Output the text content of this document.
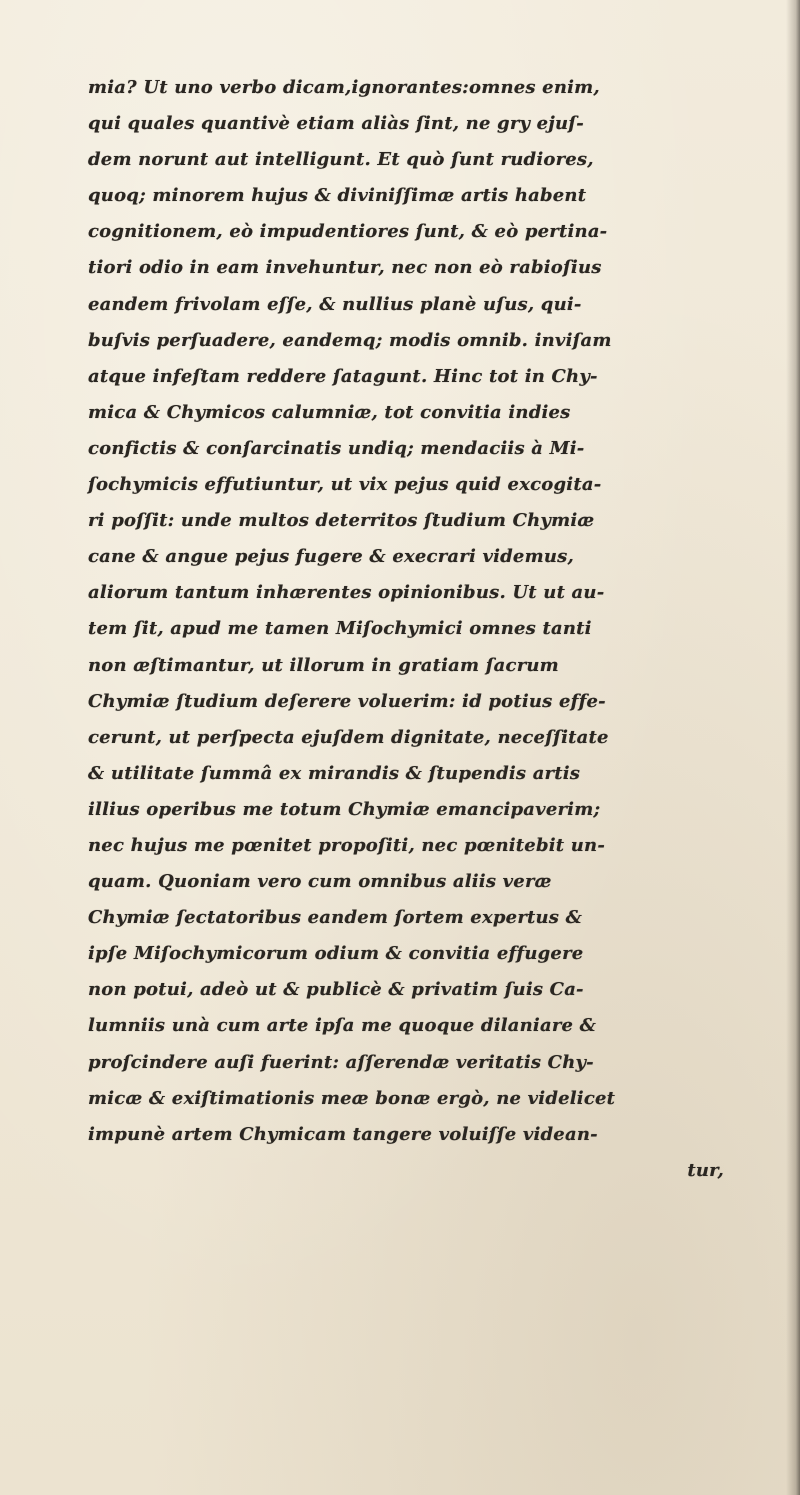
mia? Ut uno verbo dicam,ignorantes:omnes enim,
qui quales quantivè etiam aliàs ſint, ne gry ejuſ-
dem norunt aut intelligunt. Et quò ſunt rudiores,
quoq; minorem hujus & diviniſſimæ artis habent
cognitionem, eò impudentiores ſunt, & eò pertina-
tiori odio in eam invehuntur, nec non eò rabioſius
eandem frivolam eſſe, & nullius planè uſus, qui-
buſvis perſuadere, eandemq; modis omnib. inviſam
atque infeſtam reddere ſatagunt. Hinc tot in Chy-
mica & Chymicos calumniæ, tot convitia indies
confictis & conſarcinatis undiq; mendaciis à Mi-
ſochymicis effutiuntur, ut vix pejus quid excogita-
ri poſſit: unde multos deterritos ſtudium Chymiæ
cane & angue pejus fugere & execrari videmus,
aliorum tantum inhærentes opinionibus. Ut ut au-
tem ſit, apud me tamen Miſochymici omnes tanti
non æſtimantur, ut illorum in gratiam ſacrum
Chymiæ ſtudium deſerere voluerim: id potius effe-
cerunt, ut perſpecta ejuſdem dignitate, neceſſitate
& utilitate ſummâ ex mirandis & ſtupendis artis
illius operibus me totum Chymiæ emancipaverim;
nec hujus me pœnitet propoſiti, nec pœnitebit un-
quam. Quoniam vero cum omnibus aliis veræ
Chymiæ ſectatoribus eandem ſortem expertus &
ipſe Miſochymicorum odium & convitia effugere
non potui, adeò ut & publicè & privatim ſuis Ca-
lumniis unà cum arte ipſa me quoque dilaniare &
proſcindere auſi fuerint: aſſerendæ veritatis Chy-
micæ & exiſtimationis meæ bonæ ergò, ne videlicet
impunè artem Chymicam tangere voluiſſe videan-
tur,
